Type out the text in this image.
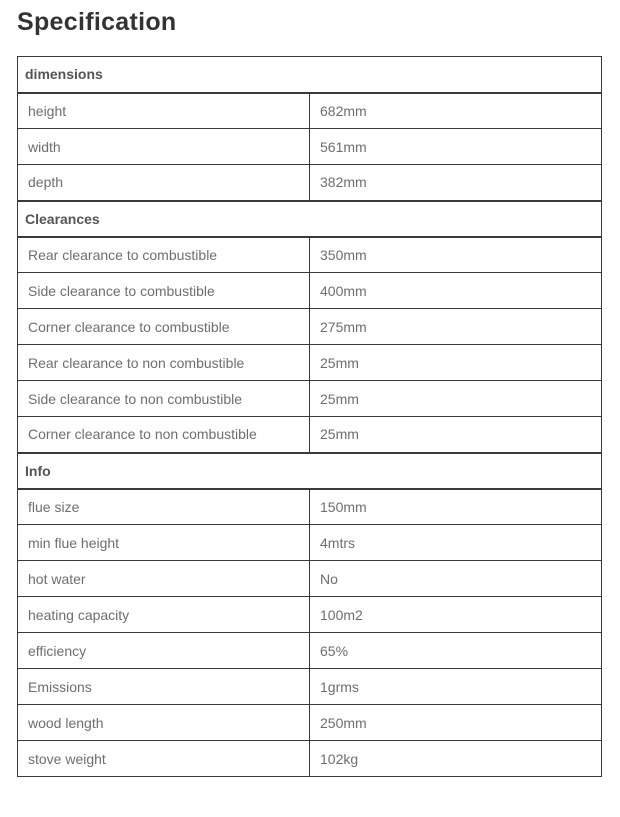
Specification
dimensions	
height	682mm
width	561mm
depth	382mm
Clearances	
Rear clearance to combustible	350mm
Side clearance to combustible	400mm
Corner clearance to combustible	275mm
Rear clearance to non combustible	25mm
Side clearance to non combustible	25mm
Corner clearance to non combustible	25mm
Info	
flue size	150mm
min flue height	4mtrs
hot water	No
heating capacity	100m2
efficiency	65%
Emissions	1grms
wood length	250mm
stove weight	102kg
